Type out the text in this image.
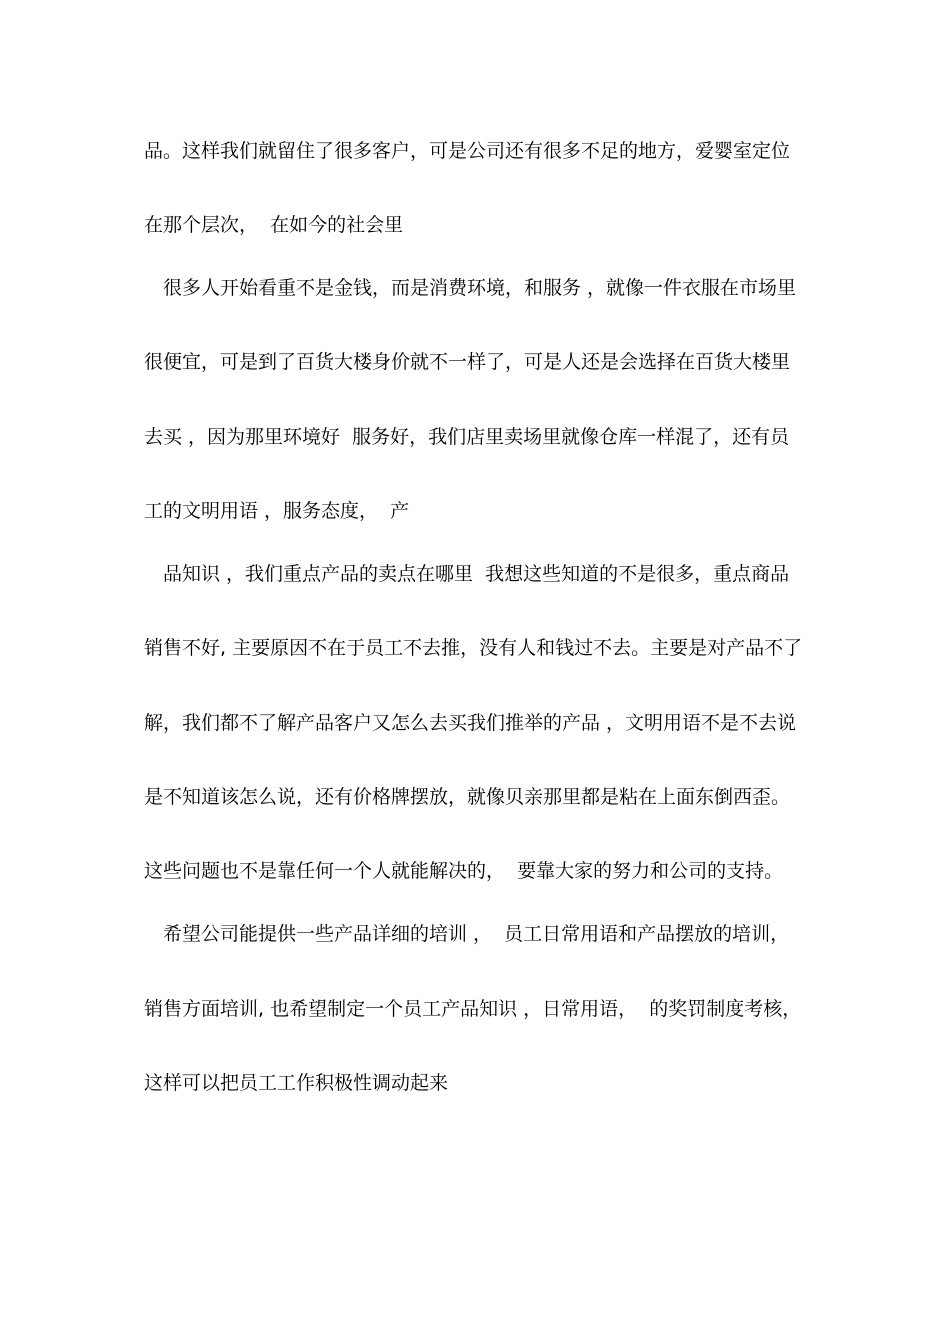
品。这样我们就留住了很多客户，可是公司还有很多不足的地方，爱婴室定位
在那个层次，  在如今的社会里
很多人开始看重不是金钱，而是消费环境，和服务 ，就像一件衣服在市场里
很便宜，可是到了百货大楼身价就不一样了，可是人还是会选择在百货大楼里
去买 ，因为那里环境好  服务好，我们店里卖场里就像仓库一样混了，还有员
工的文明用语 ，服务态度，  产
品知识 ，我们重点产品的卖点在哪里  我想这些知道的不是很多，重点商品
销售不好, 主要原因不在于员工不去推，没有人和钱过不去。主要是对产品不了
解，我们都不了解产品客户又怎么去买我们推举的产品 ，文明用语不是不去说
是不知道该怎么说，还有价格牌摆放，就像贝亲那里都是粘在上面东倒西歪。
这些问题也不是靠任何一个人就能解决的，  要靠大家的努力和公司的支持。
希望公司能提供一些产品详细的培训 ，  员工日常用语和产品摆放的培训，
销售方面培训, 也希望制定一个员工产品知识 ，日常用语，  的奖罚制度考核，
这样可以把员工工作积极性调动起来
